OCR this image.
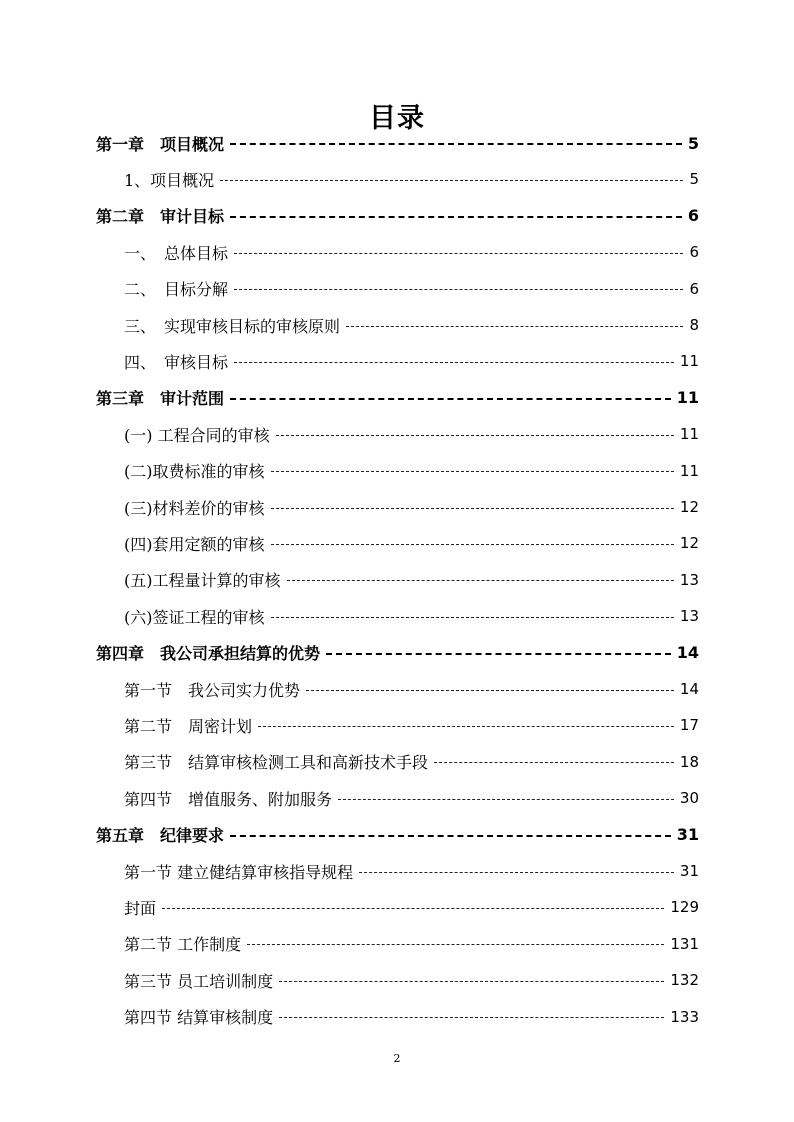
目录
第一章　项目概况	5
1、项目概况	5
第二章　审计目标	6
一、　总体目标	6
二、　目标分解	6
三、　实现审核目标的审核原则	8
四、　审核目标	11
第三章　审计范围	11
(一) 工程合同的审核	11
(二)取费标准的审核	11
(三)材料差价的审核	12
(四)套用定额的审核	12
(五)工程量计算的审核	13
(六)签证工程的审核	13
第四章　我公司承担结算的优势	14
第一节　我公司实力优势	14
第二节　周密计划	17
第三节　结算审核检测工具和高新技术手段	18
第四节　增值服务、附加服务	30
第五章　纪律要求	31
第一节 建立健结算审核指导规程	31
封面	129
第二节 工作制度	131
第三节 员工培训制度	132
第四节 结算审核制度	133
2
